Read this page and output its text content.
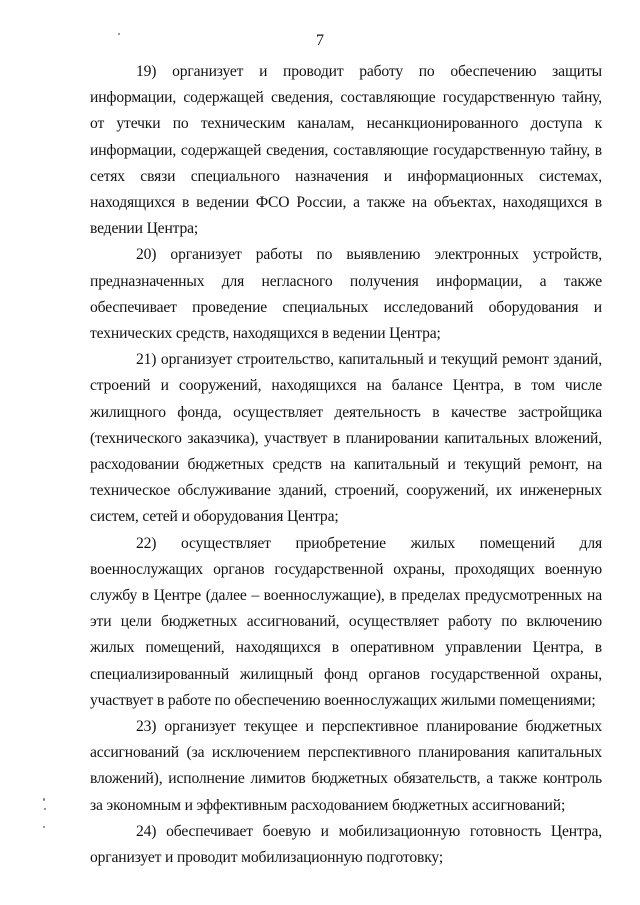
7

19) организует и проводит работу по обеспечению защиты информации, содержащей сведения, составляющие государственную тайну, от утечки по техническим каналам, несанкционированного доступа к информации, содержащей сведения, составляющие государственную тайну, в сетях связи специального назначения и информационных системах, находящихся в ведении ФСО России, а также на объектах, находящихся в ведении Центра;

20) организует работы по выявлению электронных устройств, предназначенных для негласного получения информации, а также обеспечивает проведение специальных исследований оборудования и технических средств, находящихся в ведении Центра;

21) организует строительство, капитальный и текущий ремонт зданий, строений и сооружений, находящихся на балансе Центра, в том числе жилищного фонда, осуществляет деятельность в качестве застройщика (технического заказчика), участвует в планировании капитальных вложений, расходовании бюджетных средств на капитальный и текущий ремонт, на техническое обслуживание зданий, строений, сооружений, их инженерных систем, сетей и оборудования Центра;

22) осуществляет приобретение жилых помещений для военнослужащих органов государственной охраны, проходящих военную службу в Центре (далее – военнослужащие), в пределах предусмотренных на эти цели бюджетных ассигнований, осуществляет работу по включению жилых помещений, находящихся в оперативном управлении Центра, в специализированный жилищный фонд органов государственной охраны, участвует в работе по обеспечению военнослужащих жилыми помещениями;

23) организует текущее и перспективное планирование бюджетных ассигнований (за исключением перспективного планирования капитальных вложений), исполнение лимитов бюджетных обязательств, а также контроль за экономным и эффективным расходованием бюджетных ассигнований;

24) обеспечивает боевую и мобилизационную готовность Центра, организует и проводит мобилизационную подготовку;
